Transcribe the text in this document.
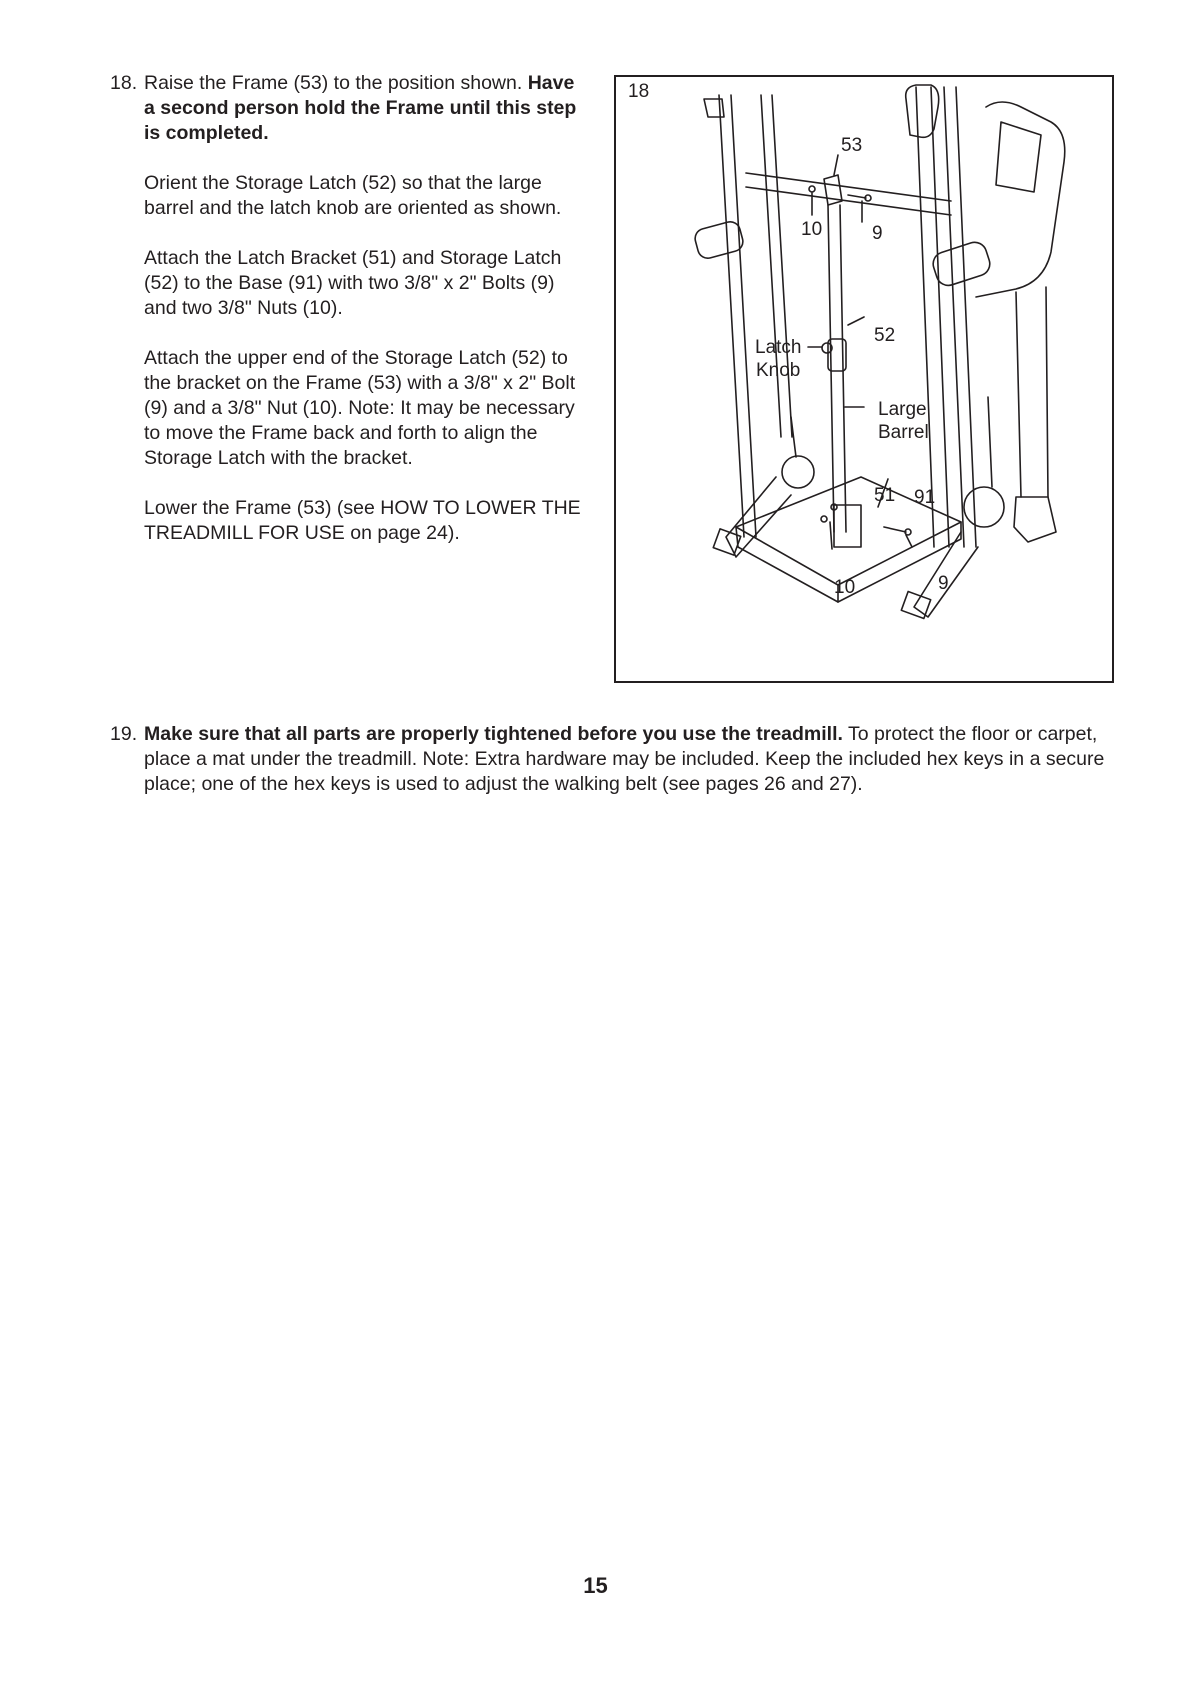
18. Raise the Frame (53) to the position shown. Have a second person hold the Frame until this step is completed.

Orient the Storage Latch (52) so that the large barrel and the latch knob are oriented as shown.

Attach the Latch Bracket (51) and Storage Latch (52) to the Base (91) with two 3/8" x 2" Bolts (9) and two 3/8" Nuts (10).

Attach the upper end of the Storage Latch (52) to the bracket on the Frame (53) with a 3/8" x 2" Bolt (9) and a 3/8" Nut (10). Note: It may be necessary to move the Frame back and forth to align the Storage Latch with the bracket.

Lower the Frame (53) (see HOW TO LOWER THE TREADMILL FOR USE on page 24).

18
53
10	9
52
Latch
Knob
Large
Barrel
51 91
10	9
19. Make sure that all parts are properly tightened before you use the treadmill. To protect the floor or carpet, place a mat under the treadmill. Note: Extra hardware may be included. Keep the included hex keys in a secure place; one of the hex keys is used to adjust the walking belt (see pages 26 and 27).
15
